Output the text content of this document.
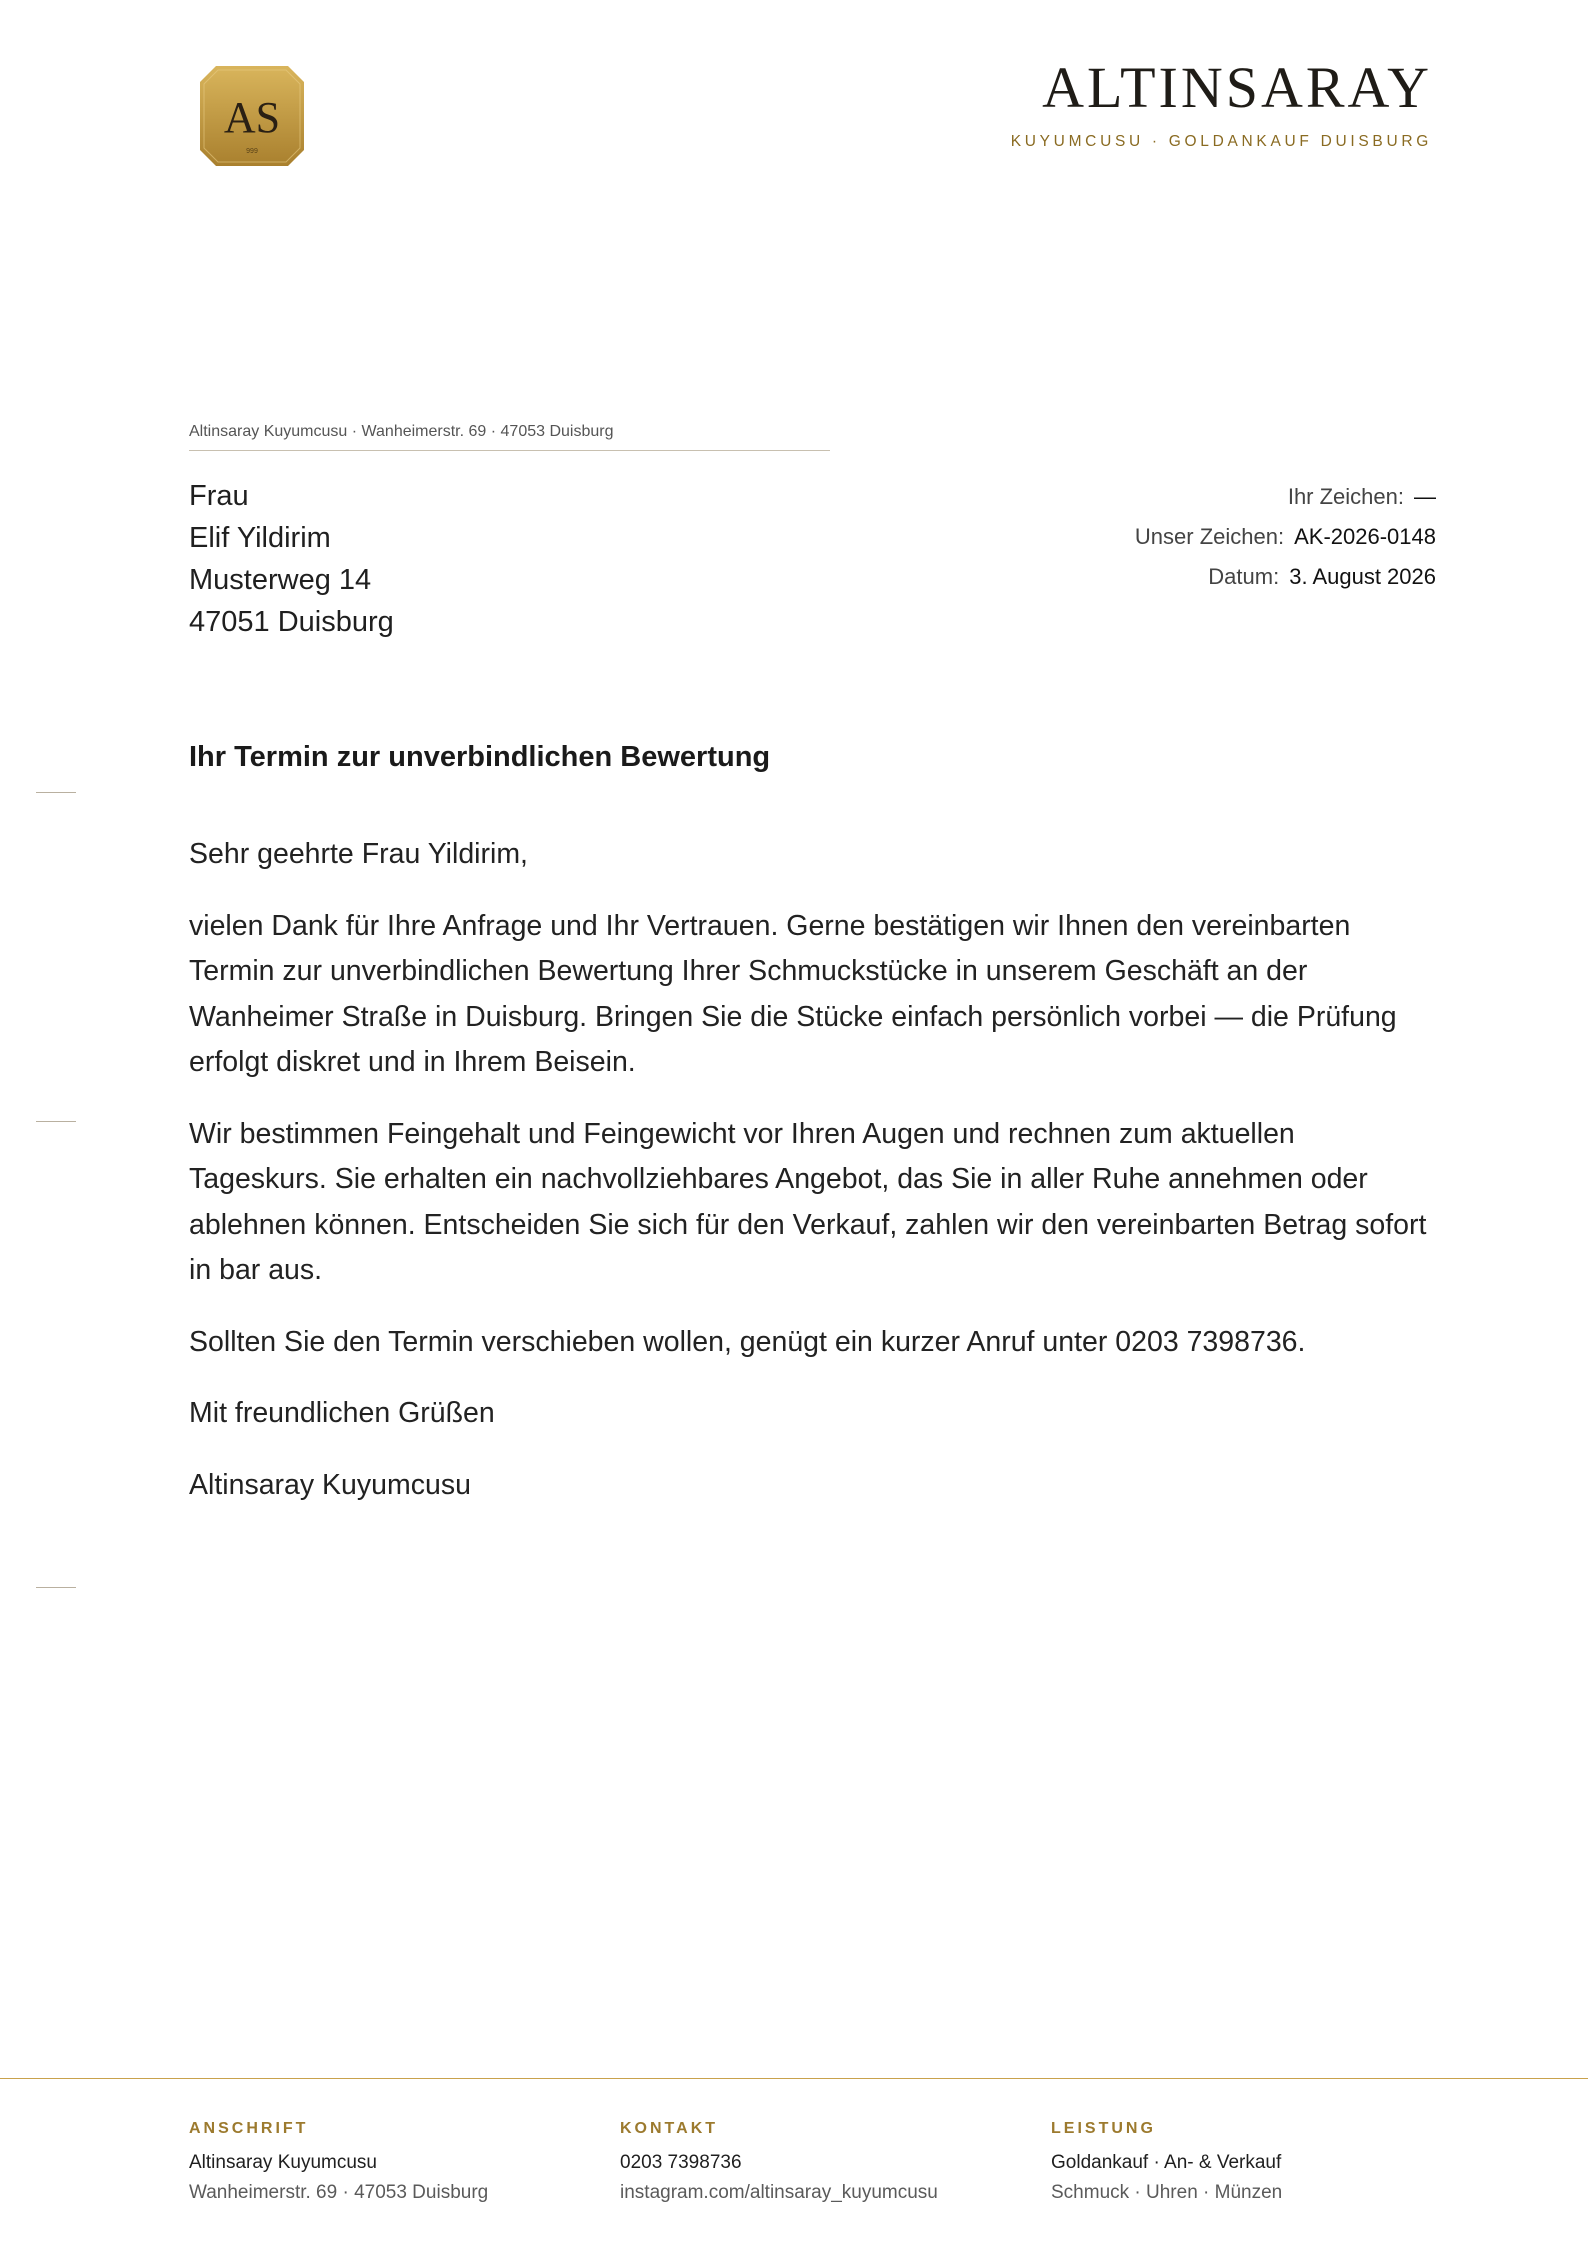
AS
999
ALTINSARAY
KUYUMCUSU · GOLDANKAUF DUISBURG
Altinsaray Kuyumcusu · Wanheimerstr. 69 · 47053 Duisburg
Frau
Elif Yildirim
Musterweg 14
47051 Duisburg
Ihr Zeichen: —
Unser Zeichen: AK-2026-0148
Datum: 3. August 2026
Ihr Termin zur unverbindlichen Bewertung

Sehr geehrte Frau Yildirim,

vielen Dank für Ihre Anfrage und Ihr Vertrauen. Gerne bestätigen wir Ihnen den vereinbarten Termin zur unverbindlichen Bewertung Ihrer Schmuckstücke in unserem Geschäft an der Wanheimer Straße in Duisburg. Bringen Sie die Stücke einfach persönlich vorbei — die Prüfung erfolgt diskret und in Ihrem Beisein.

Wir bestimmen Feingehalt und Feingewicht vor Ihren Augen und rechnen zum aktuellen Tageskurs. Sie erhalten ein nachvollziehbares Angebot, das Sie in aller Ruhe annehmen oder ablehnen können. Entscheiden Sie sich für den Verkauf, zahlen wir den vereinbarten Betrag sofort in bar aus.

Sollten Sie den Termin verschieben wollen, genügt ein kurzer Anruf unter 0203 7398736.

Mit freundlichen Grüßen

Altinsaray Kuyumcusu

ANSCHRIFT
Altinsaray Kuyumcusu
Wanheimerstr. 69 · 47053 Duisburg
KONTAKT
0203 7398736
instagram.com/altinsaray_kuyumcusu
LEISTUNG
Goldankauf · An- & Verkauf
Schmuck · Uhren · Münzen
